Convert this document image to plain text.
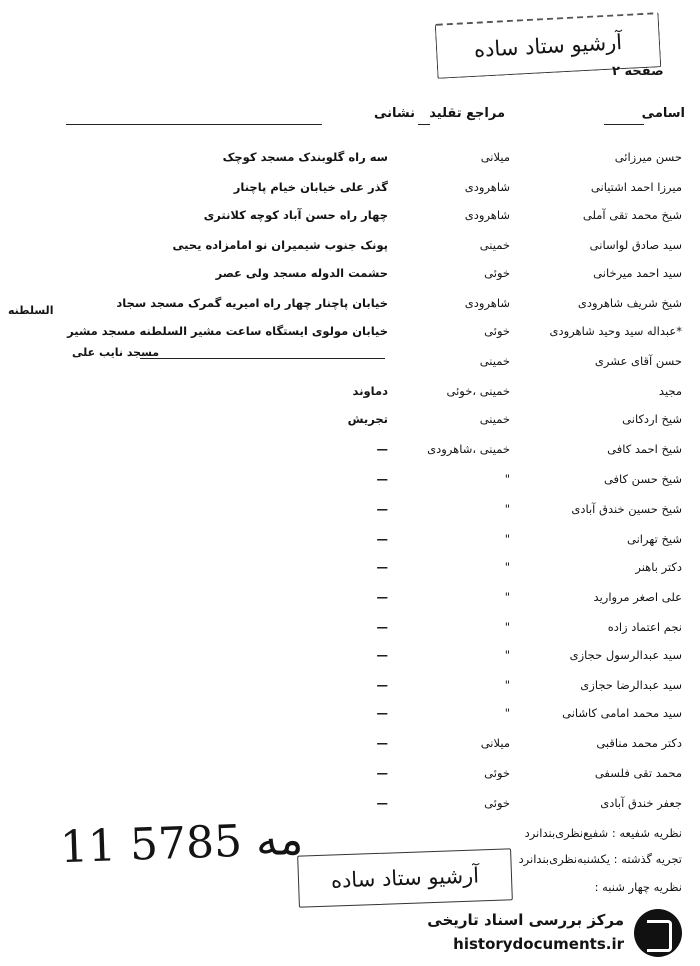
آرشیو ستاد ساده
صفحه ۲
اسامی
مراجع تقلید
نشانی
حسن میرزائی
میلانی
سه راه گلوبندک مسجد کوچک
میرزا احمد اشتیانی
شاهرودی
گذر علی خیابان خیام پاچنار
شیخ محمد تقی آملی
شاهرودی
چهار راه حسن آباد کوچه کلانتری
سید صادق لواسانی
خمینی
پونک جنوب شیمیران نو امامزاده یحیی
سید احمد میرخانی
خوئی
حشمت الدوله مسجد ولی عصر
شیخ شریف شاهرودی
شاهرودی
خیابان پاچنار چهار راه امیریه گمرک مسجد سجاد
*عبداله سید وحید شاهرودی
خوئی
خیابان مولوی ایستگاه ساعت مشیر السلطنه مسجد مشیر
حسن آقای عشری
خمینی
مجید
خمینی ،خوئی
دماوند
شیخ اردکانی
خمینی
تجریش
شیخ احمد کافی
خمینی ،شاهرودی
—
شیخ حسن کافی
"
—
شیخ حسین خندق آبادی
"
—
شیخ تهرانی
"
—
دکتر باهنر
"
—
علی اصغر مروارید
"
—
نجم اعتماد زاده
"
—
سید عبدالرسول حجازی
"
—
سید عبدالرضا حجازی
"
—
سید محمد امامی کاشانی
"
—
دکتر محمد مناقبی
میلانی
—
محمد تقی فلسفی
خوئی
—
جعفر خندق آبادی
خوئی
—
نظریه شفیعه : شفیع‌نظری‌بندانرد
تجریه گذشته : یکشنبه‌نظری‌بندانرد
نظریه چهار شنبه :
السلطنه
مسجد نایب علی
11 مه 5785
آرشیو ستاد ساده
مرکز بررسی اسناد تاریخی
historydocuments.ir
